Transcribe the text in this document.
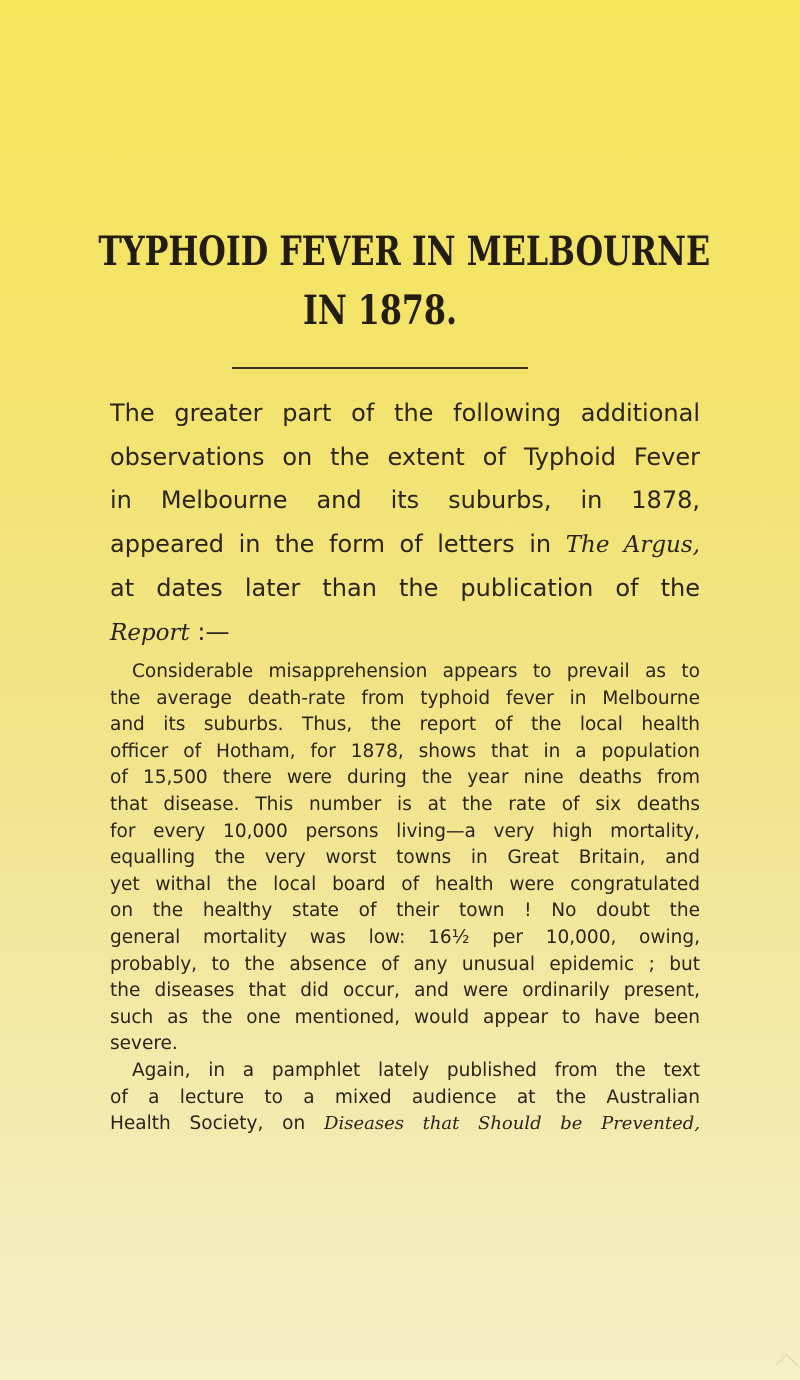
TYPHOID FEVER IN MELBOURNE
IN 1878.
The greater part of the following additional
observations on the extent of Typhoid Fever
in Melbourne and its suburbs, in 1878,
appeared in the form of letters in The Argus,
at dates later than the publication of the
Report :—
Considerable misapprehension appears to prevail as to
the average death-rate from typhoid fever in Melbourne
and its suburbs. Thus, the report of the local health
officer of Hotham, for 1878, shows that in a population
of 15,500 there were during the year nine deaths from
that disease. This number is at the rate of six deaths
for every 10,000 persons living—a very high mortality,
equalling the very worst towns in Great Britain, and
yet withal the local board of health were congratulated
on the healthy state of their town ! No doubt the
general mortality was low: 16½ per 10,000, owing,
probably, to the absence of any unusual epidemic ; but
the diseases that did occur, and were ordinarily present,
such as the one mentioned, would appear to have been
severe.
Again, in a pamphlet lately published from the text
of a lecture to a mixed audience at the Australian
Health Society, on Diseases that Should be Prevented,
